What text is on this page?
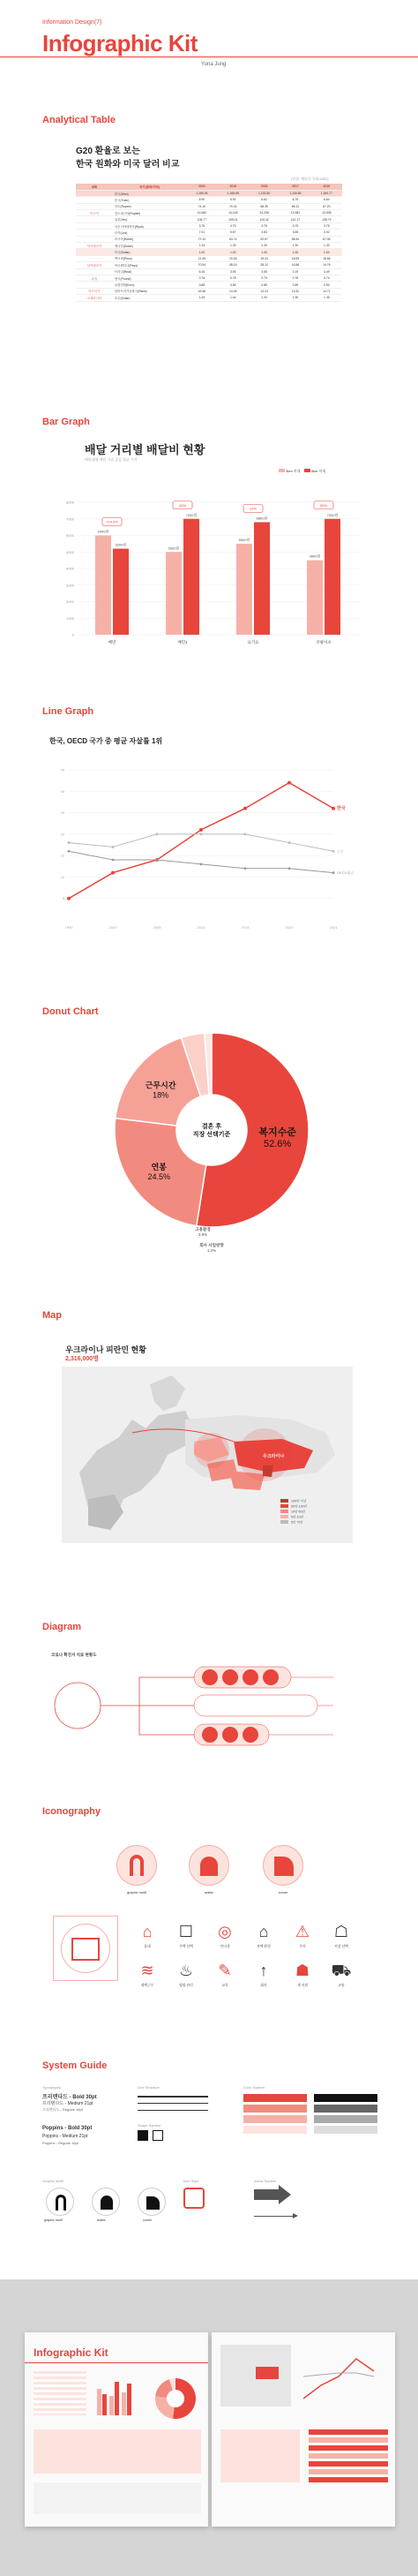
Information Design(7)
Infographic Kit
Yuna Jung
Analytical Table
G20 환율로 보는
한국 원화와 미국 달러 비교
(단위: 해당국 통화/USD)
대륙	국가(통화/미국)	2020	2019	2018	2017	2016
	한국(Won)	1,180.05	1,165.65	1,100.30	1,130.84	1,160.77
	중국(Yuan)	6.90	6.91	6.62	6.76	6.64
	인도(Rupee)	74.10	70.42	68.39	65.12	67.20
아시아	인도네시아(Rupiah)	14,582	14,148	14,236	13,381	13,308
	일본(Yen)	106.77	109.01	110.42	112.17	108.79
	사우디아라비아(Riyal)	3.75	3.75	3.75	3.75	3.75
	터키(Lira)	7.01	5.67	4.83	3.65	3.02
	러시아(Ruble)	72.10	64.74	62.67	58.34	67.06
북아메리카	캐나다(Dollar)	1.34	1.33	1.30	1.30	1.33
	미국(Dollar)	1.00	1.00	1.00	1.00	1.00
	멕시코(Peso)	21.49	19.26	19.24	18.93	18.66
남아메리카	아르헨티나(Peso)	70.54	48.15	28.12	16.56	14.76
	브라질(Real)	5.16	3.95	3.65	3.19	3.49
유럽	영국(Pound)	0.78	0.78	0.75	0.78	0.74
	유럽연합(Euro)	0.88	0.89	0.85	0.89	0.90
아프리카	남아프리카공화국(Rand)	16.46	14.45	13.23	13.32	14.71
오세아니아	호주(Dollar)	1.45	1.44	1.34	1.30	1.35
Bar Graph
배달 거리별 배달비 현황
배달대행 배달 거리 증감 평균 가격
3km 이내	4km 이내
8000
7000
6000
5000
4000
3000
2000
1000
0
6000원
5200원
+14.3%
배민
5000원
7000원
40%
배민1
5500원
6800원
23%
요기요
4500원
7000원
55%
쿠팡이츠
Line Graph
한국, OECD 국가 중 평균 자살률 1위
35
30
25
20
15
10
5
1990	2000	2005	2010	2015	2020	2021
한국
일본
OECD평균
Donut Chart
복지수준
52.6%
연봉
24.5%
근무시간
18%
고용환경
3.9%
회사 사업방향
1.2%
결혼 후
직장 선택기준
Map
우크라이나 피란민 현황
2,316,000명
우크라이나
100만 이상
50만-100만
10만-50만
5만-10만
5만 미만
Diagram
코로나 확진자 치료 현황도
Iconography
graphic motif	arabic	corner
⌂
휴대
☐
주택 선택
◎
인터넷
⌂
자택 환경
⚠
주의
☖
직장 선택
≋
재택근무
♨
영양 관리
✎
교육
↑
회복
☗
재 지원
⛟
교통
System Guide
Typography
프리텐다드 - Bold 30pt
프리텐다드 - Medium 21pt
프리텐다드 - Regular 16pt
Poppins - Bold 30pt
Poppins - Medium 21pt
Poppins - Regular 16pt
Line Structure
Shape Symbol
Color System
Graphic Motif
graphic motif	arabic	corner
Icon Style	Arrow Symbol
Infographic Kit
